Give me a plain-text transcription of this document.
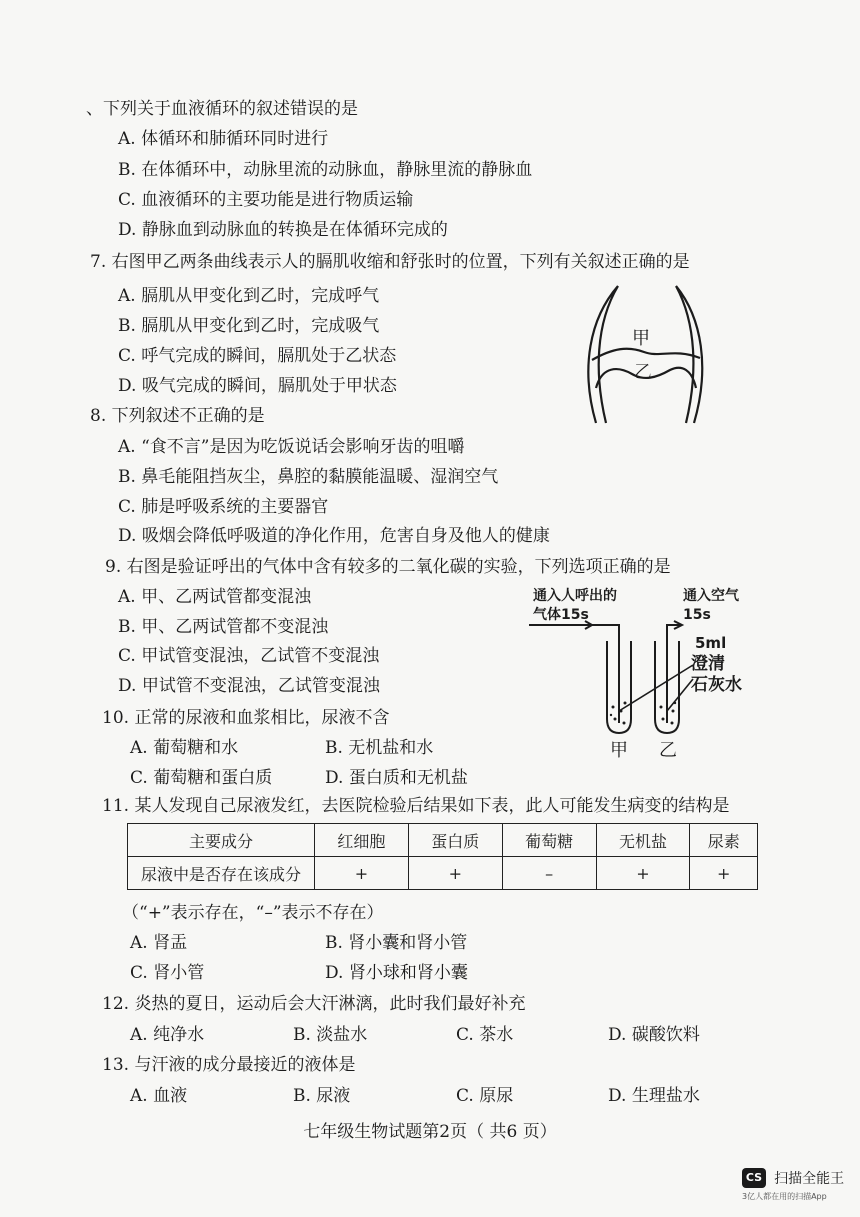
、下列关于血液循环的叙述错误的是
A. 体循环和肺循环同时进行
B. 在体循环中，动脉里流的动脉血，静脉里流的静脉血
C. 血液循环的主要功能是进行物质运输
D. 静脉血到动脉血的转换是在体循环完成的
7. 右图甲乙两条曲线表示人的膈肌收缩和舒张时的位置，下列有关叙述正确的是
A. 膈肌从甲变化到乙时，完成呼气
B. 膈肌从甲变化到乙时，完成吸气
C. 呼气完成的瞬间，膈肌处于乙状态
D. 吸气完成的瞬间，膈肌处于甲状态
甲
乙
8. 下列叙述不正确的是
A. “食不言”是因为吃饭说话会影响牙齿的咀嚼
B. 鼻毛能阻挡灰尘，鼻腔的黏膜能温暖、湿润空气
C. 肺是呼吸系统的主要器官
D. 吸烟会降低呼吸道的净化作用，危害自身及他人的健康
9. 右图是验证呼出的气体中含有较多的二氧化碳的实验，下列选项正确的是
A. 甲、乙两试管都变混浊
B. 甲、乙两试管都不变混浊
C. 甲试管变混浊，乙试管不变混浊
D. 甲试管不变混浊，乙试管变混浊
通入人呼出的
气体15s
通入空气
15s
5ml
澄清
石灰水
甲 乙
10. 正常的尿液和血浆相比，尿液不含
A. 葡萄糖和水	B. 无机盐和水
C. 葡萄糖和蛋白质	D. 蛋白质和无机盐
11. 某人发现自己尿液发红，去医院检验后结果如下表，此人可能发生病变的结构是
主要成分	红细胞	蛋白质	葡萄糖	无机盐	尿素
尿液中是否存在该成分	+	+	–	+	+
（“+”表示存在，“–”表示不存在）
A. 肾盂	B. 肾小囊和肾小管
C. 肾小管	D. 肾小球和肾小囊
12. 炎热的夏日，运动后会大汗淋漓，此时我们最好补充
A. 纯净水	B. 淡盐水	C. 茶水	D. 碳酸饮料
13. 与汗液的成分最接近的液体是
A. 血液	B. 尿液	C. 原尿	D. 生理盐水
七年级生物试题第2页（ 共6 页）
CS 扫描全能王
3亿人都在用的扫描App
